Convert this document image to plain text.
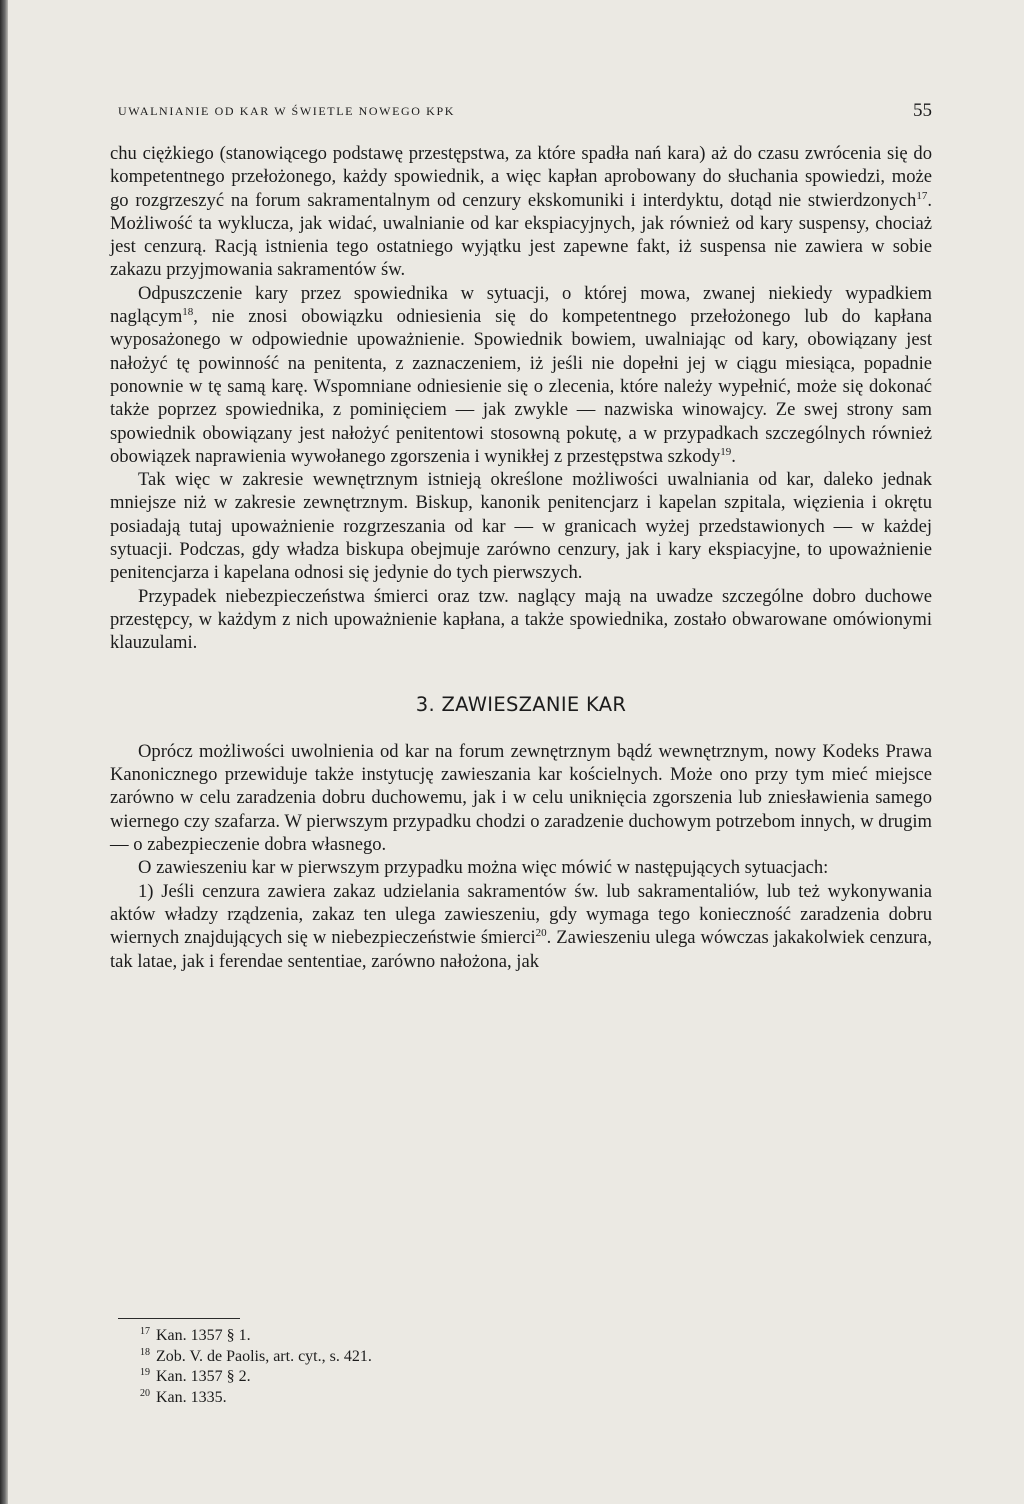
UWALNIANIE OD KAR W ŚWIETLE NOWEGO KPK	55

chu ciężkiego (stanowiącego podstawę przestępstwa, za które spadła nań kara) aż do czasu zwrócenia się do kompetentnego przełożonego, każdy spowiednik, a więc kapłan aprobowany do słuchania spowiedzi, może go rozgrzeszyć na forum sakramentalnym od cenzury ekskomuniki i interdyktu, dotąd nie stwierdzonych$^{17}$. Możliwość ta wyklucza, jak widać, uwalnianie od kar ekspiacyjnych, jak również od kary suspensy, chociaż jest cenzurą. Racją istnienia tego ostatniego wyjątku jest zapewne fakt, iż suspensa nie zawiera w sobie zakazu przyjmowania sakramentów św.

Odpuszczenie kary przez spowiednika w sytuacji, o której mowa, zwanej niekiedy wypadkiem naglącym$^{18}$, nie znosi obowiązku odniesienia się do kompetentnego przełożonego lub do kapłana wyposażonego w odpowiednie upoważnienie. Spowiednik bowiem, uwalniając od kary, obowiązany jest nałożyć tę powinność na penitenta, z zaznaczeniem, iż jeśli nie dopełni jej w ciągu miesiąca, popadnie ponownie w tę samą karę. Wspomniane odniesienie się o zlecenia, które należy wypełnić, może się dokonać także poprzez spowiednika, z pominięciem — jak zwykle — nazwiska winowajcy. Ze swej strony sam spowiednik obowiązany jest nałożyć penitentowi stosowną pokutę, a w przypadkach szczególnych również obowiązek naprawienia wywołanego zgorszenia i wynikłej z przestępstwa szkody$^{19}$.

Tak więc w zakresie wewnętrznym istnieją określone możliwości uwalniania od kar, daleko jednak mniejsze niż w zakresie zewnętrznym. Biskup, kanonik penitencjarz i kapelan szpitala, więzienia i okrętu posiadają tutaj upoważnienie rozgrzeszania od kar — w granicach wyżej przedstawionych — w każdej sytuacji. Podczas, gdy władza biskupa obejmuje zarówno cenzury, jak i kary ekspiacyjne, to upoważnienie penitencjarza i kapelana odnosi się jedynie do tych pierwszych.

Przypadek niebezpieczeństwa śmierci oraz tzw. naglący mają na uwadze szczególne dobro duchowe przestępcy, w każdym z nich upoważnienie kapłana, a także spowiednika, zostało obwarowane omówionymi klauzulami.

3. ZAWIESZANIE KAR

Oprócz możliwości uwolnienia od kar na forum zewnętrznym bądź wewnętrznym, nowy Kodeks Prawa Kanonicznego przewiduje także instytucję zawieszania kar kościelnych. Może ono przy tym mieć miejsce zarówno w celu zaradzenia dobru duchowemu, jak i w celu uniknięcia zgorszenia lub zniesławienia samego wiernego czy szafarza. W pierwszym przypadku chodzi o zaradzenie duchowym potrzebom innych, w drugim — o zabezpieczenie dobra własnego.

O zawieszeniu kar w pierwszym przypadku można więc mówić w następujących sytuacjach:

1) Jeśli cenzura zawiera zakaz udzielania sakramentów św. lub sakramentaliów, lub też wykonywania aktów władzy rządzenia, zakaz ten ulega zawieszeniu, gdy wymaga tego konieczność zaradzenia dobru wiernych znajdujących się w niebezpieczeństwie śmierci$^{20}$. Zawieszeniu ulega wówczas jakakolwiek cenzura, tak latae, jak i ferendae sententiae, zarówno nałożona, jak

$^{17}$ Kan. 1357 § 1.
$^{18}$ Zob. V. de Paolis, art. cyt., s. 421.
$^{19}$ Kan. 1357 § 2.
$^{20}$ Kan. 1335.
